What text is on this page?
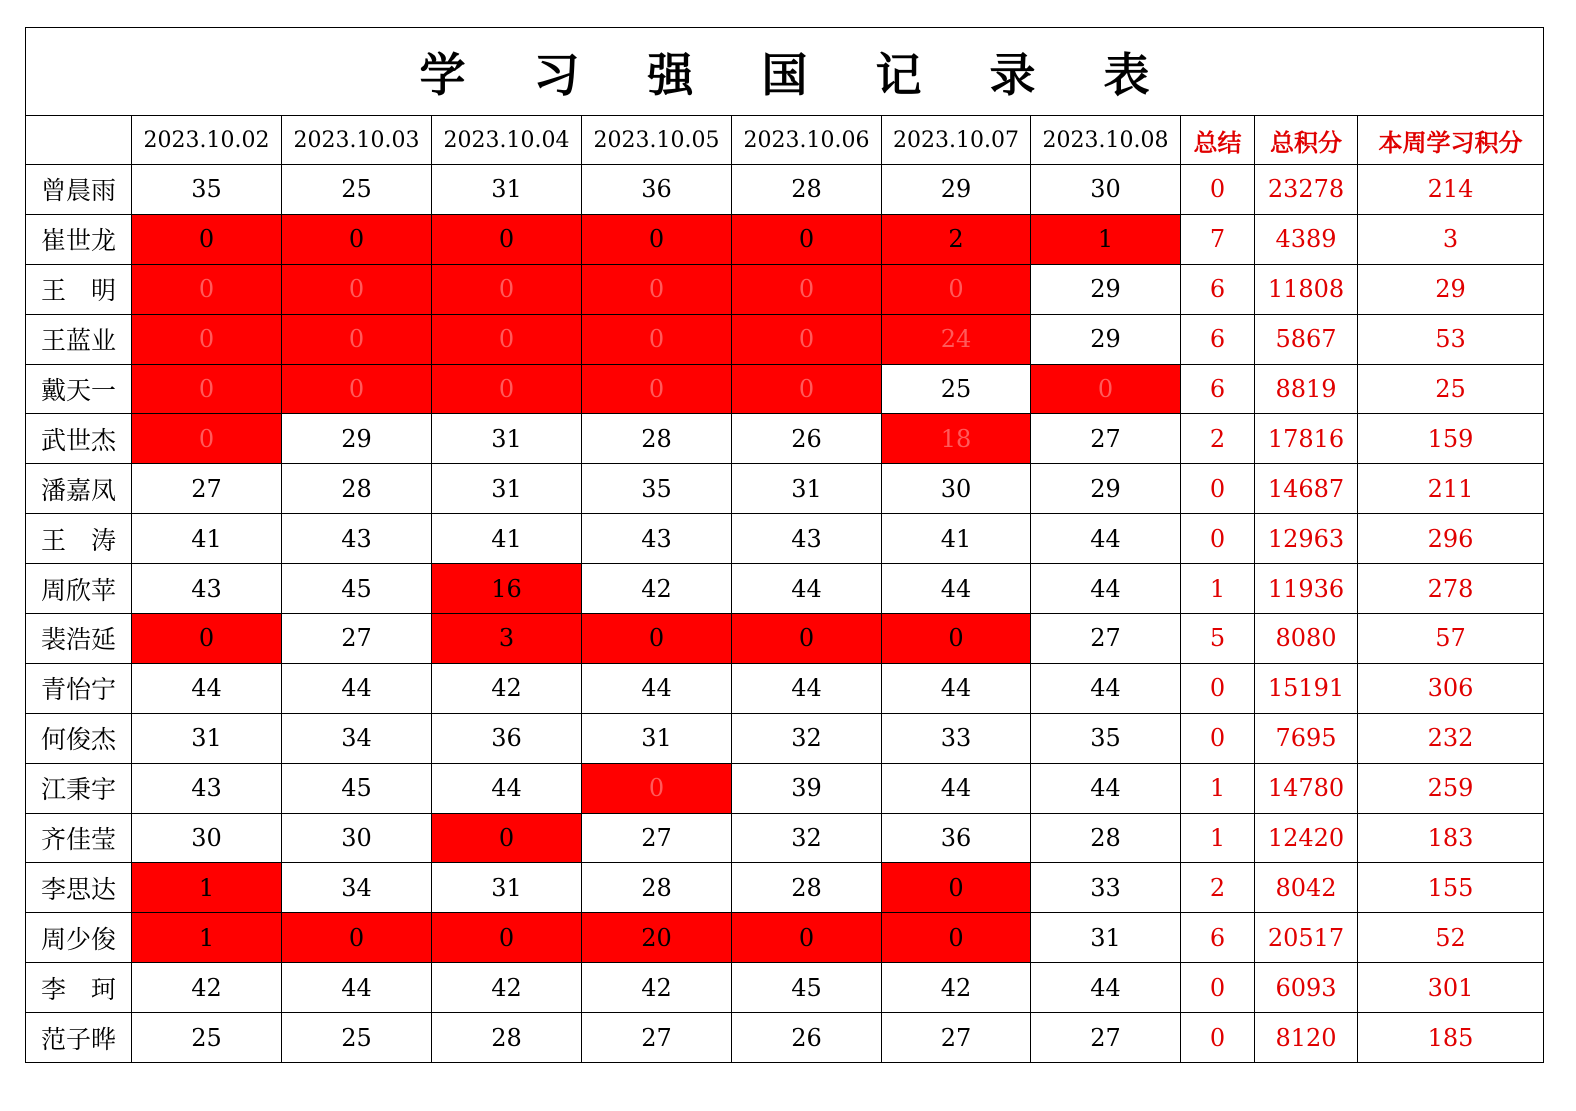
学 习 强 国 记 录 表										
	2023.10.02	2023.10.03	2023.10.04	2023.10.05	2023.10.06	2023.10.07	2023.10.08	总结	总积分	本周学习积分
曾晨雨	35	25	31	36	28	29	30	0	23278	214
崔世龙	0	0	0	0	0	2	1	7	4389	3
王　明	0	0	0	0	0	0	29	6	11808	29
王蓝业	0	0	0	0	0	24	29	6	5867	53
戴天一	0	0	0	0	0	25	0	6	8819	25
武世杰	0	29	31	28	26	18	27	2	17816	159
潘嘉凤	27	28	31	35	31	30	29	0	14687	211
王　涛	41	43	41	43	43	41	44	0	12963	296
周欣苹	43	45	16	42	44	44	44	1	11936	278
裴浩延	0	27	3	0	0	0	27	5	8080	57
青怡宁	44	44	42	44	44	44	44	0	15191	306
何俊杰	31	34	36	31	32	33	35	0	7695	232
江秉宇	43	45	44	0	39	44	44	1	14780	259
齐佳莹	30	30	0	27	32	36	28	1	12420	183
李思达	1	34	31	28	28	0	33	2	8042	155
周少俊	1	0	0	20	0	0	31	6	20517	52
李　珂	42	44	42	42	45	42	44	0	6093	301
范子晔	25	25	28	27	26	27	27	0	8120	185
